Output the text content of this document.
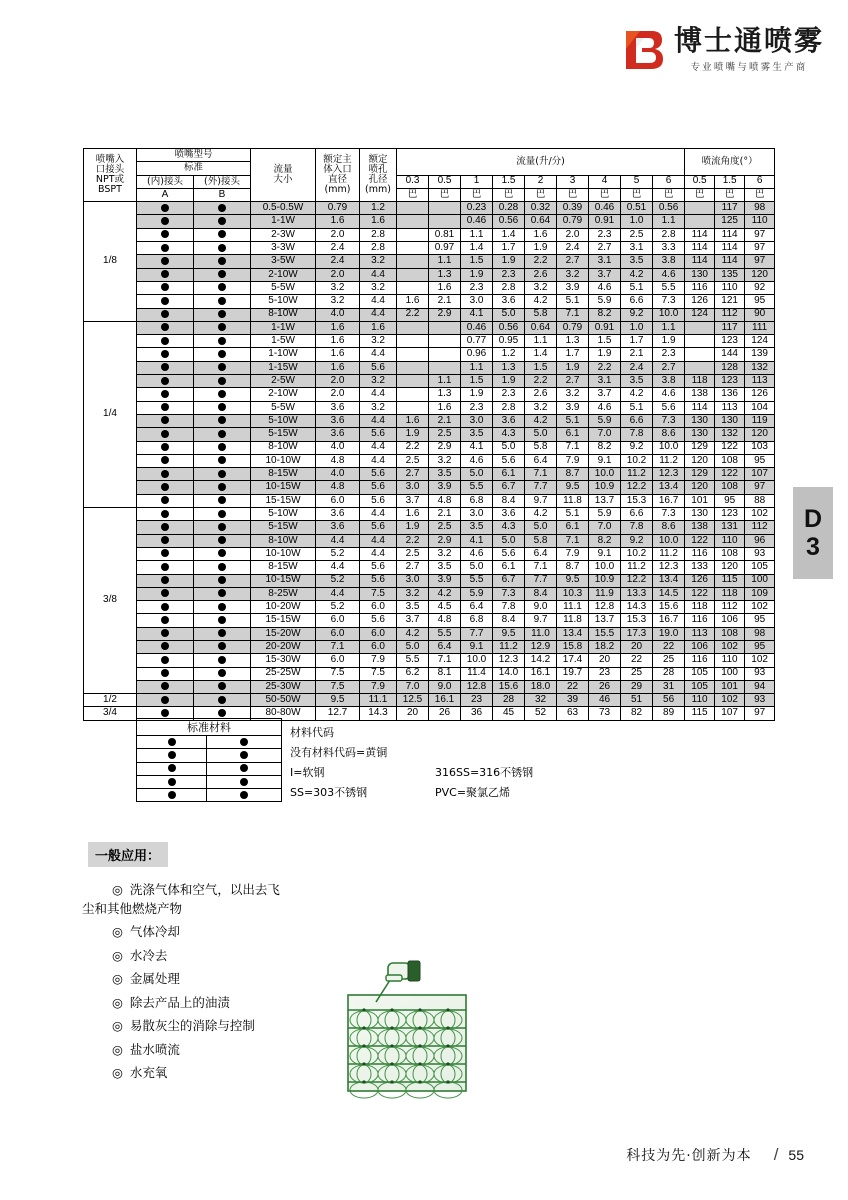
博士通喷雾
专业喷嘴与喷雾生产商
D
3
喷嘴入
口接头
NPT或
BSPT	喷嘴型号		流量
大小	额定主
体入口
直径
(mm)	额定
喷孔
孔径
(mm)	流量(升/分)									喷流角度(°）		
	标准																
	(内)接头	(外)接头				0.3	0.5	1	1.5	2	3	4	5	6	0.5	1.5	6
	A	B				巴	巴	巴	巴	巴	巴	巴	巴	巴	巴	巴	巴
1/8			0.5-0.5W	0.79	1.2			0.23	0.28	0.32	0.39	0.46	0.51	0.56		117	98
			1-1W	1.6	1.6			0.46	0.56	0.64	0.79	0.91	1.0	1.1		125	110
			2-3W	2.0	2.8		0.81	1.1	1.4	1.6	2.0	2.3	2.5	2.8	114	114	97
			3-3W	2.4	2.8		0.97	1.4	1.7	1.9	2.4	2.7	3.1	3.3	114	114	97
			3-5W	2.4	3.2		1.1	1.5	1.9	2.2	2.7	3.1	3.5	3.8	114	114	97
			2-10W	2.0	4.4		1.3	1.9	2.3	2.6	3.2	3.7	4.2	4.6	130	135	120
			5-5W	3.2	3.2		1.6	2.3	2.8	3.2	3.9	4.6	5.1	5.5	116	110	92
			5-10W	3.2	4.4	1.6	2.1	3.0	3.6	4.2	5.1	5.9	6.6	7.3	126	121	95
			8-10W	4.0	4.4	2.2	2.9	4.1	5.0	5.8	7.1	8.2	9.2	10.0	124	112	90
1/4			1-1W	1.6	1.6			0.46	0.56	0.64	0.79	0.91	1.0	1.1		117	111
			1-5W	1.6	3.2			0.77	0.95	1.1	1.3	1.5	1.7	1.9		123	124
			1-10W	1.6	4.4			0.96	1.2	1.4	1.7	1.9	2.1	2.3		144	139
			1-15W	1.6	5.6			1.1	1.3	1.5	1.9	2.2	2.4	2.7		128	132
			2-5W	2.0	3.2		1.1	1.5	1.9	2.2	2.7	3.1	3.5	3.8	118	123	113
			2-10W	2.0	4.4		1.3	1.9	2.3	2.6	3.2	3.7	4.2	4.6	138	136	126
			5-5W	3.6	3.2		1.6	2.3	2.8	3.2	3.9	4.6	5.1	5.6	114	113	104
			5-10W	3.6	4.4	1.6	2.1	3.0	3.6	4.2	5.1	5.9	6.6	7.3	130	130	119
			5-15W	3.6	5.6	1.9	2.5	3.5	4.3	5.0	6.1	7.0	7.8	8.6	130	132	120
			8-10W	4.0	4.4	2.2	2.9	4.1	5.0	5.8	7.1	8.2	9.2	10.0	129	122	103
			10-10W	4.8	4.4	2.5	3.2	4.6	5.6	6.4	7.9	9.1	10.2	11.2	120	108	95
			8-15W	4.0	5.6	2.7	3.5	5.0	6.1	7.1	8.7	10.0	11.2	12.3	129	122	107
			10-15W	4.8	5.6	3.0	3.9	5.5	6.7	7.7	9.5	10.9	12.2	13.4	120	108	97
			15-15W	6.0	5.6	3.7	4.8	6.8	8.4	9.7	11.8	13.7	15.3	16.7	101	95	88
3/8			5-10W	3.6	4.4	1.6	2.1	3.0	3.6	4.2	5.1	5.9	6.6	7.3	130	123	102
			5-15W	3.6	5.6	1.9	2.5	3.5	4.3	5.0	6.1	7.0	7.8	8.6	138	131	112
			8-10W	4.4	4.4	2.2	2.9	4.1	5.0	5.8	7.1	8.2	9.2	10.0	122	110	96
			10-10W	5.2	4.4	2.5	3.2	4.6	5.6	6.4	7.9	9.1	10.2	11.2	116	108	93
			8-15W	4.4	5.6	2.7	3.5	5.0	6.1	7.1	8.7	10.0	11.2	12.3	133	120	105
			10-15W	5.2	5.6	3.0	3.9	5.5	6.7	7.7	9.5	10.9	12.2	13.4	126	115	100
			8-25W	4.4	7.5	3.2	4.2	5.9	7.3	8.4	10.3	11.9	13.3	14.5	122	118	109
			10-20W	5.2	6.0	3.5	4.5	6.4	7.8	9.0	11.1	12.8	14.3	15.6	118	112	102
			15-15W	6.0	5.6	3.7	4.8	6.8	8.4	9.7	11.8	13.7	15.3	16.7	116	106	95
			15-20W	6.0	6.0	4.2	5.5	7.7	9.5	11.0	13.4	15.5	17.3	19.0	113	108	98
			20-20W	7.1	6.0	5.0	6.4	9.1	11.2	12.9	15.8	18.2	20	22	106	102	95
			15-30W	6.0	7.9	5.5	7.1	10.0	12.3	14.2	17.4	20	22	25	116	110	102
			25-25W	7.5	7.5	6.2	8.1	11.4	14.0	16.1	19.7	23	25	28	105	100	93
			25-30W	7.5	7.9	7.0	9.0	12.8	15.6	18.0	22	26	29	31	105	101	94
1/2			50-50W	9.5	11.1	12.5	16.1	23	28	32	39	46	51	56	110	102	93
3/4			80-80W	12.7	14.3	20	26	36	45	52	63	73	82	89	115	107	97
标准材料	

		材料代码
没有材料代码=黄铜
I=软钢	316SS=316不锈钢
SS=303不锈钢	PVC=聚氯乙烯
一般应用：
◎ 洗涤气体和空气，以出去飞
尘和其他燃烧产物
◎ 气体冷却
◎ 水冷去
◎ 金属处理
◎ 除去产品上的油渍
◎ 易散灰尘的消除与控制
◎ 盐水喷流
◎ 水充氧
科技为先·创新为本 / 55
